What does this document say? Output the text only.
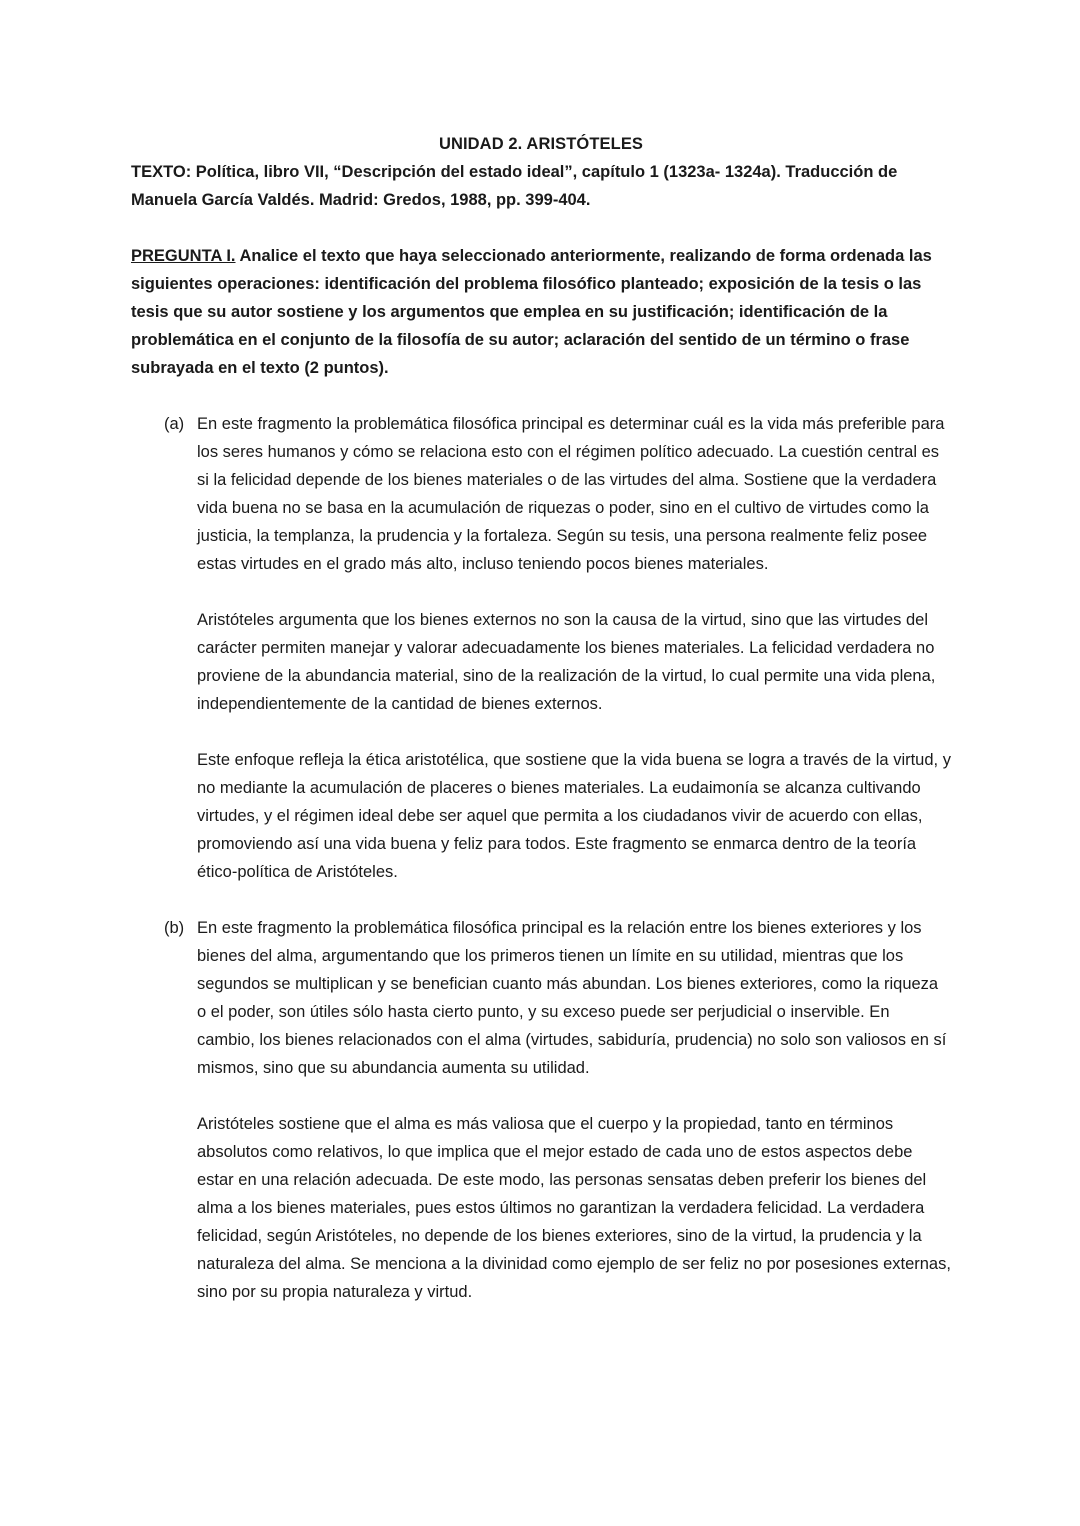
UNIDAD 2. ARISTÓTELES

TEXTO: Política, libro VII, “Descripción del estado ideal”, capítulo 1 (1323a- 1324a). Traducción de Manuela García Valdés. Madrid: Gredos, 1988, pp. 399-404.

PREGUNTA I. Analice el texto que haya seleccionado anteriormente, realizando de forma ordenada las siguientes operaciones: identificación del problema filosófico planteado; exposición de la tesis o las tesis que su autor sostiene y los argumentos que emplea en su justificación; identificación de la problemática en el conjunto de la filosofía de su autor; aclaración del sentido de un término o frase subrayada en el texto (2 puntos).

(a) En este fragmento la problemática filosófica principal es determinar cuál es la vida más preferible para los seres humanos y cómo se relaciona esto con el régimen político adecuado. La cuestión central es si la felicidad depende de los bienes materiales o de las virtudes del alma. Sostiene que la verdadera vida buena no se basa en la acumulación de riquezas o poder, sino en el cultivo de virtudes como la justicia, la templanza, la prudencia y la fortaleza. Según su tesis, una persona realmente feliz posee estas virtudes en el grado más alto, incluso teniendo pocos bienes materiales.

Aristóteles argumenta que los bienes externos no son la causa de la virtud, sino que las virtudes del carácter permiten manejar y valorar adecuadamente los bienes materiales. La felicidad verdadera no proviene de la abundancia material, sino de la realización de la virtud, lo cual permite una vida plena, independientemente de la cantidad de bienes externos.

Este enfoque refleja la ética aristotélica, que sostiene que la vida buena se logra a través de la virtud, y no mediante la acumulación de placeres o bienes materiales. La eudaimonía se alcanza cultivando virtudes, y el régimen ideal debe ser aquel que permita a los ciudadanos vivir de acuerdo con ellas, promoviendo así una vida buena y feliz para todos. Este fragmento se enmarca dentro de la teoría ético-política de Aristóteles.

(b) En este fragmento la problemática filosófica principal es la relación entre los bienes exteriores y los bienes del alma, argumentando que los primeros tienen un límite en su utilidad, mientras que los segundos se multiplican y se benefician cuanto más abundan. Los bienes exteriores, como la riqueza o el poder, son útiles sólo hasta cierto punto, y su exceso puede ser perjudicial o inservible. En cambio, los bienes relacionados con el alma (virtudes, sabiduría, prudencia) no solo son valiosos en sí mismos, sino que su abundancia aumenta su utilidad.

Aristóteles sostiene que el alma es más valiosa que el cuerpo y la propiedad, tanto en términos absolutos como relativos, lo que implica que el mejor estado de cada uno de estos aspectos debe estar en una relación adecuada. De este modo, las personas sensatas deben preferir los bienes del alma a los bienes materiales, pues estos últimos no garantizan la verdadera felicidad. La verdadera felicidad, según Aristóteles, no depende de los bienes exteriores, sino de la virtud, la prudencia y la naturaleza del alma. Se menciona a la divinidad como ejemplo de ser feliz no por posesiones externas, sino por su propia naturaleza y virtud.
